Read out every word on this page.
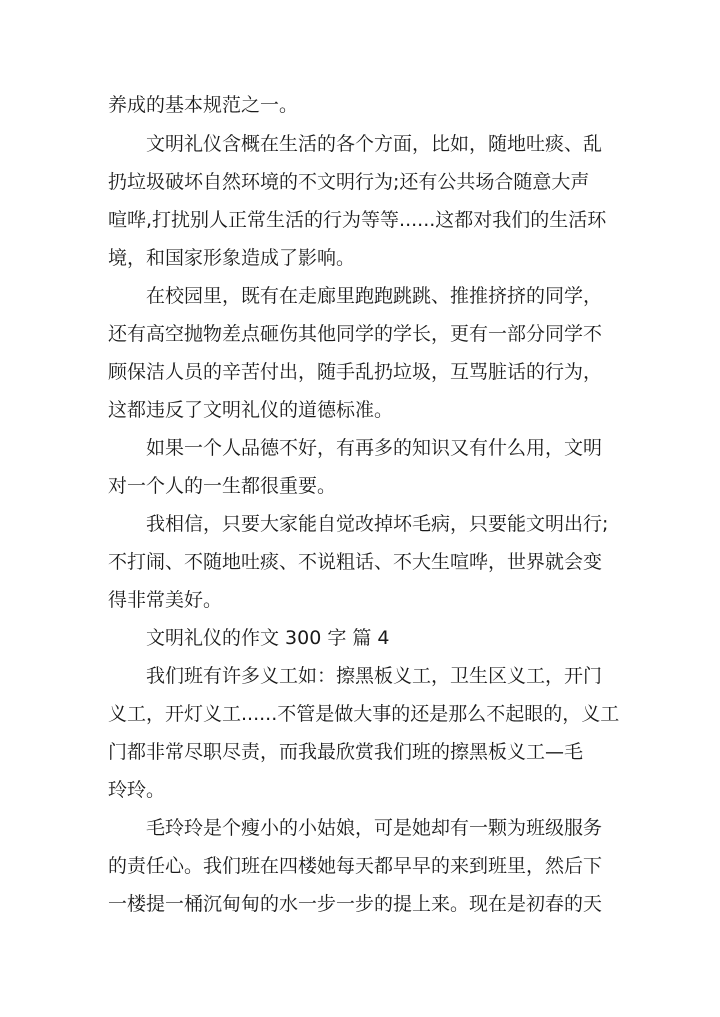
养成的基本规范之一。
文明礼仪含概在生活的各个方面，比如，随地吐痰、乱
扔垃圾破坏自然环境的不文明行为;还有公共场合随意大声
喧哗,打扰别人正常生活的行为等等......这都对我们的生活环
境，和国家形象造成了影响。
在校园里，既有在走廊里跑跑跳跳、推推挤挤的同学，
还有高空抛物差点砸伤其他同学的学长，更有一部分同学不
顾保洁人员的辛苦付出，随手乱扔垃圾，互骂脏话的行为，
这都违反了文明礼仪的道德标准。
如果一个人品德不好，有再多的知识又有什么用，文明
对一个人的一生都很重要。
我相信，只要大家能自觉改掉坏毛病，只要能文明出行;
不打闹、不随地吐痰、不说粗话、不大生喧哗，世界就会变
得非常美好。
文明礼仪的作文 300 字 篇 4
我们班有许多义工如：擦黑板义工，卫生区义工，开门
义工，开灯义工......不管是做大事的还是那么不起眼的，义工
门都非常尽职尽责，而我最欣赏我们班的擦黑板义工—毛
玲玲。
毛玲玲是个瘦小的小姑娘，可是她却有一颗为班级服务
的责任心。我们班在四楼她每天都早早的来到班里，然后下
一楼提一桶沉甸甸的水一步一步的提上来。现在是初春的天
